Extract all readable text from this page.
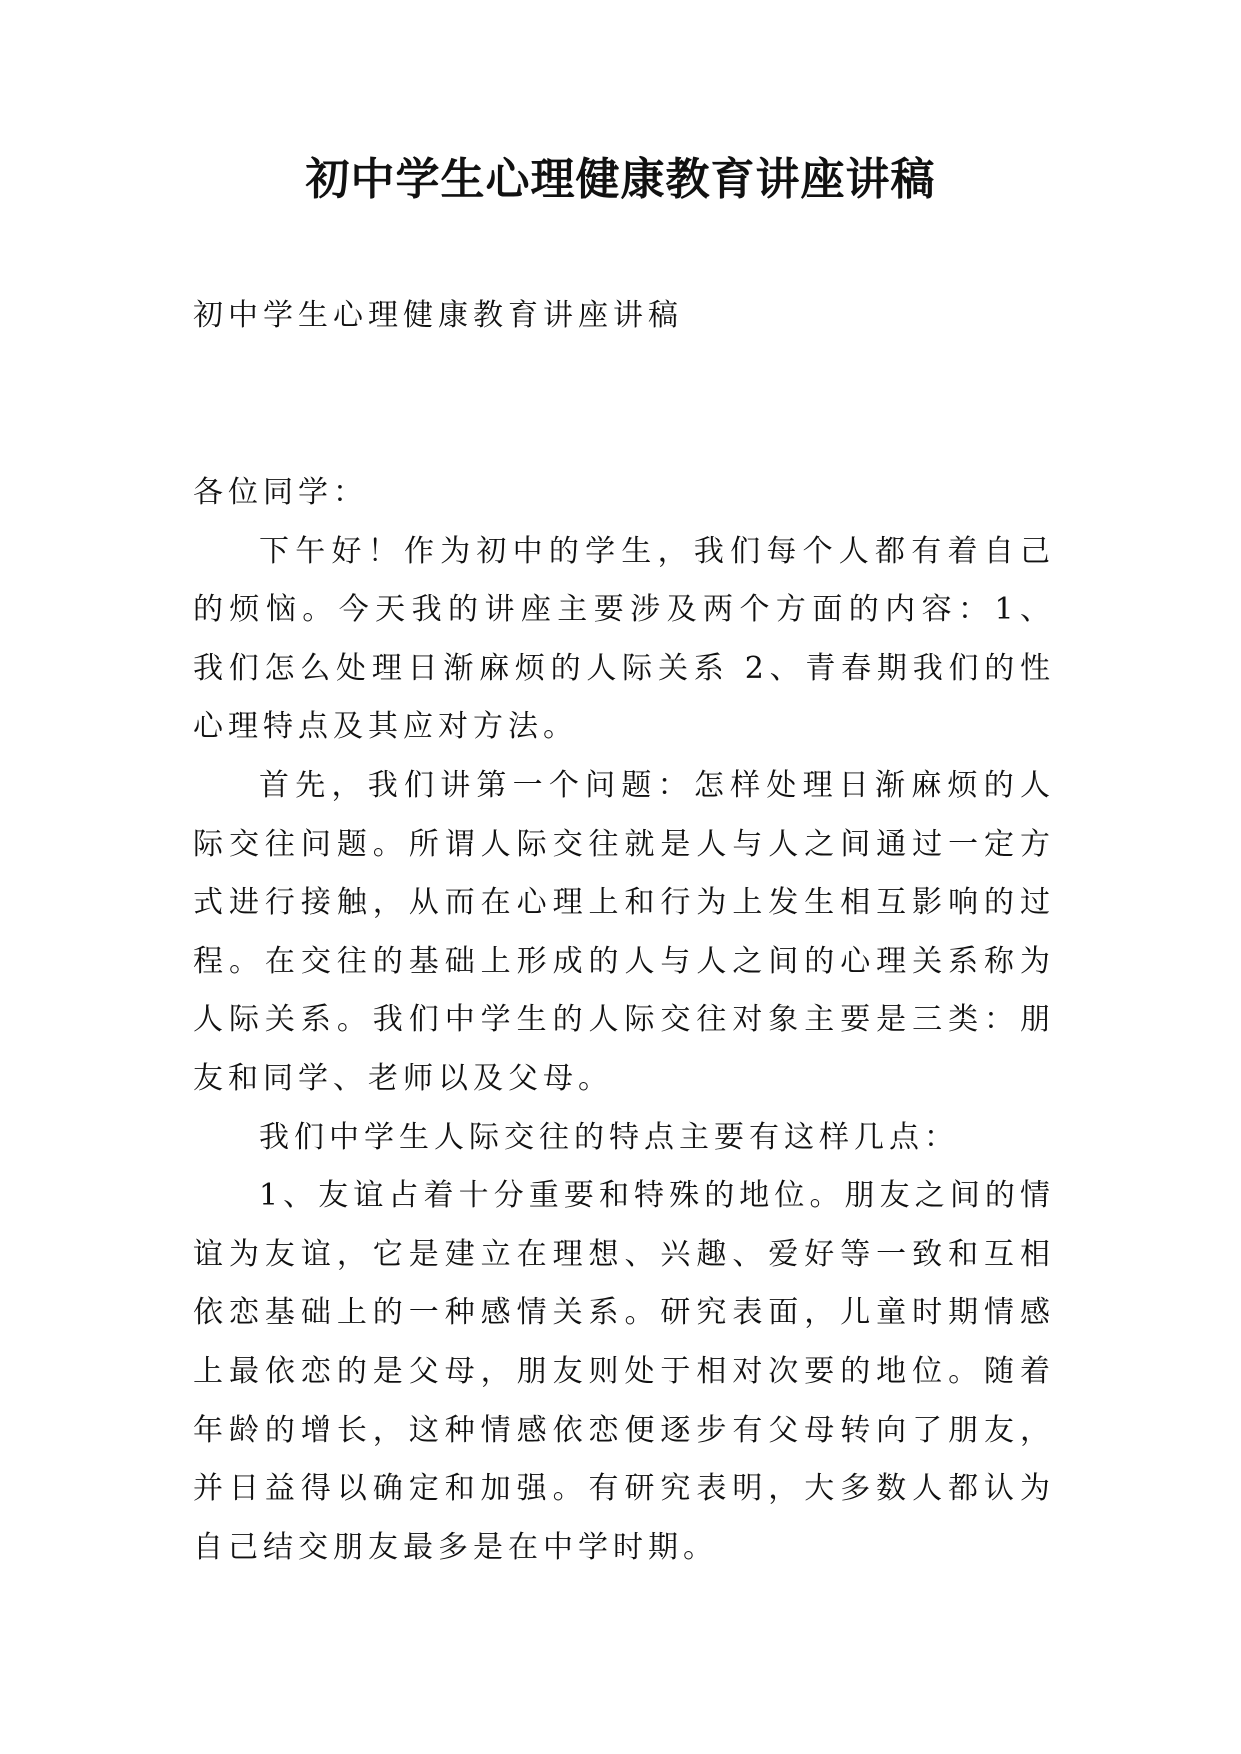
初中学生心理健康教育讲座讲稿
初中学生心理健康教育讲座讲稿

各位同学：

下午好！作为初中的学生，我们每个人都有着自己的烦恼。今天我的讲座主要涉及两个方面的内容：1、我们怎么处理日渐麻烦的人际关系 2、青春期我们的性心理特点及其应对方法。

首先，我们讲第一个问题：怎样处理日渐麻烦的人际交往问题。所谓人际交往就是人与人之间通过一定方式进行接触，从而在心理上和行为上发生相互影响的过程。在交往的基础上形成的人与人之间的心理关系称为人际关系。我们中学生的人际交往对象主要是三类：朋友和同学、老师以及父母。

我们中学生人际交往的特点主要有这样几点：

1、友谊占着十分重要和特殊的地位。朋友之间的情谊为友谊，它是建立在理想、兴趣、爱好等一致和互相依恋基础上的一种感情关系。研究表面，儿童时期情感上最依恋的是父母，朋友则处于相对次要的地位。随着年龄的增长，这种情感依恋便逐步有父母转向了朋友，并日益得以确定和加强。有研究表明，大多数人都认为自己结交朋友最多是在中学时期。
